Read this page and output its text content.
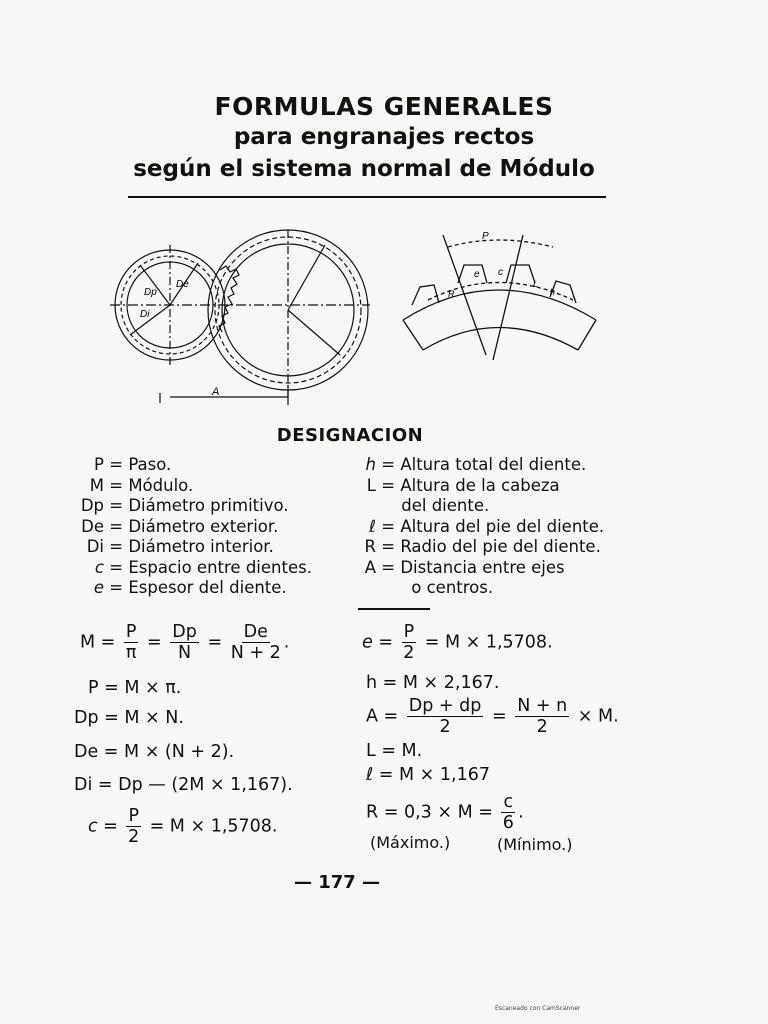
FORMULAS GENERALES
para engranajes rectos
según el sistema normal de Módulo
Di
Dp
De
A
P
e c
R
L
h
DESIGNACION
P = Paso.
M = Módulo.
Dp = Diámetro primitivo.
De = Diámetro exterior.
Di = Diámetro interior.
c = Espacio entre dientes.
e = Espesor del diente.
h = Altura total del diente.
L = Altura de la cabeza
del diente.
ℓ = Altura del pie del diente.
R = Radio del pie del diente.
A = Distancia entre ejes
o centros.
$M = \frac{P}{\pi} = \frac{Dp}{N} = \frac{De}{N + 2}$ .
P = M × π.
Dp = M × N.
De = M × (N + 2).
Di = Dp — (2M × 1,167).
$c = \frac{P}{2} = M \times 1,5708$.
$e = \frac{P}{2} = M \times 1,5708$.
h = M × 2,167.
$A = \frac{Dp + dp}{2} = \frac{N + n}{2} \times M$.
L = M.
ℓ = M × 1,167
$R = 0,3 \times M = \frac{c}{6}$ .
(Máximo.)	(Mínimo.)
— 177 —
Escaneado con CamScanner
